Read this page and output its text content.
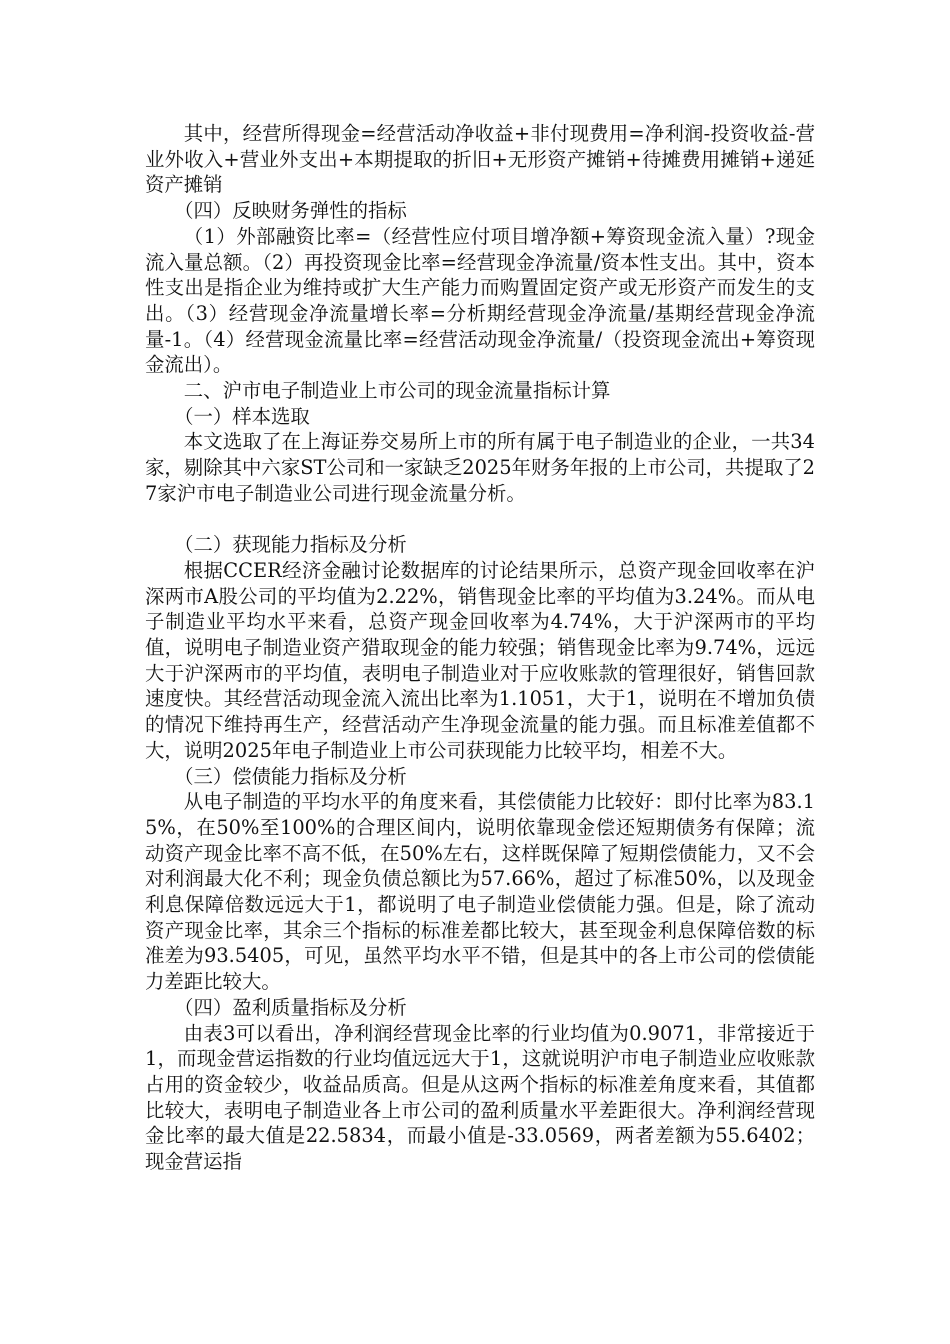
其中，经营所得现金=经营活动净收益+非付现费用=净利润-投资收益-营业外收入+营业外支出+本期提取的折旧+无形资产摊销+待摊费用摊销+递延资产摊销

（四）反映财务弹性的指标

（1）外部融资比率=（经营性应付项目增净额+筹资现金流入量）?现金流入量总额。（2）再投资现金比率=经营现金净流量/资本性支出。其中，资本性支出是指企业为维持或扩大生产能力而购置固定资产或无形资产而发生的支出。（3）经营现金净流量增长率=分析期经营现金净流量/基期经营现金净流量-1。（4）经营现金流量比率=经营活动现金净流量/（投资现金流出+筹资现金流出）。

二、沪市电子制造业上市公司的现金流量指标计算

（一）样本选取

本文选取了在上海证券交易所上市的所有属于电子制造业的企业，一共34家，剔除其中六家ST公司和一家缺乏2025年财务年报的上市公司，共提取了27家沪市电子制造业公司进行现金流量分析。

（二）获现能力指标及分析

根据CCER经济金融讨论数据库的讨论结果所示，总资产现金回收率在沪深两市A股公司的平均值为2.22%，销售现金比率的平均值为3.24%。而从电子制造业平均水平来看，总资产现金回收率为4.74%，大于沪深两市的平均值，说明电子制造业资产猎取现金的能力较强；销售现金比率为9.74%，远远大于沪深两市的平均值，表明电子制造业对于应收账款的管理很好，销售回款速度快。其经营活动现金流入流出比率为1.1051，大于1，说明在不增加负债的情况下维持再生产，经营活动产生净现金流量的能力强。而且标准差值都不大，说明2025年电子制造业上市公司获现能力比较平均，相差不大。

（三）偿债能力指标及分析

从电子制造的平均水平的角度来看，其偿债能力比较好：即付比率为83.15%，在50%至100%的合理区间内，说明依靠现金偿还短期债务有保障；流动资产现金比率不高不低，在50%左右，这样既保障了短期偿债能力，又不会对利润最大化不利；现金负债总额比为57.66%，超过了标准50%，以及现金利息保障倍数远远大于1，都说明了电子制造业偿债能力强。但是，除了流动资产现金比率，其余三个指标的标准差都比较大，甚至现金利息保障倍数的标准差为93.5405，可见，虽然平均水平不错，但是其中的各上市公司的偿债能力差距比较大。

（四）盈利质量指标及分析

由表3可以看出，净利润经营现金比率的行业均值为0.9071，非常接近于1，而现金营运指数的行业均值远远大于1，这就说明沪市电子制造业应收账款占用的资金较少，收益品质高。但是从这两个指标的标准差角度来看，其值都比较大，表明电子制造业各上市公司的盈利质量水平差距很大。净利润经营现金比率的最大值是22.5834，而最小值是-33.0569，两者差额为55.6402；现金营运指
